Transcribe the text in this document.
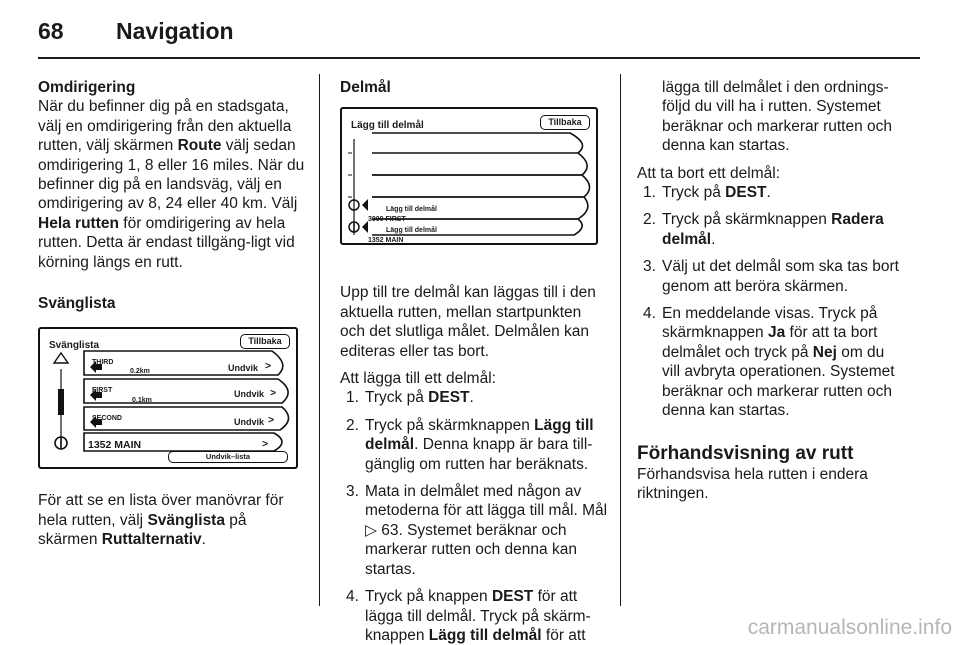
68 Navigation

Omdirigering

När du befinner dig på en stadsgata, välj en omdirigering från den aktuella rutten, välj skärmen Route välj sedan omdirigering 1, 8 eller 16 miles. När du befinner dig på en landsväg, välj en omdirigering av 8, 24 eller 40 km. Välj Hela rutten för omdirigering av hela rutten. Detta är endast tillgäng-ligt vid körning längs en rutt.

Svänglista

Svänglista	Tillbaka
THIRD
0.2km	Undvik >
FIRST
0.1km
Undvik >
SECOND	Undvik >
1352 MAIN	>
Undvik–lista

För att se en lista över manövrar för hela rutten, välj Svänglista på skärmen Ruttalternativ.

Delmål

Lägg till delmål	Tillbaka
Lägg till delmål
3000 FIRST
Lägg till delmål
1352 MAIN

Upp till tre delmål kan läggas till i den aktuella rutten, mellan startpunkten och det slutliga målet. Delmålen kan editeras eller tas bort.

Att lägga till ett delmål:

1. Tryck på DEST.
2. Tryck på skärmknappen Lägg till delmål. Denna knapp är bara till-gänglig om rutten har beräknats.
3. Mata in delmålet med någon av metoderna för att lägga till mål. Mål ▷ 63. Systemet beräknar och markerar rutten och denna kan startas.
4. Tryck på knappen DEST för att lägga till delmål. Tryck på skärm-knappen Lägg till delmål för att

lägga till delmålet i den ordnings-följd du vill ha i rutten. Systemet beräknar och markerar rutten och denna kan startas.

Att ta bort ett delmål:

1. Tryck på DEST.
2. Tryck på skärmknappen Radera delmål.
3. Välj ut det delmål som ska tas bort genom att beröra skärmen.
4. En meddelande visas. Tryck på skärmknappen Ja för att ta bort delmålet och tryck på Nej om du vill avbryta operationen. Systemet beräknar och markerar rutten och denna kan startas.

Förhandsvisning av rutt

Förhandsvisa hela rutten i endera riktningen.

carmanualsonline.info
